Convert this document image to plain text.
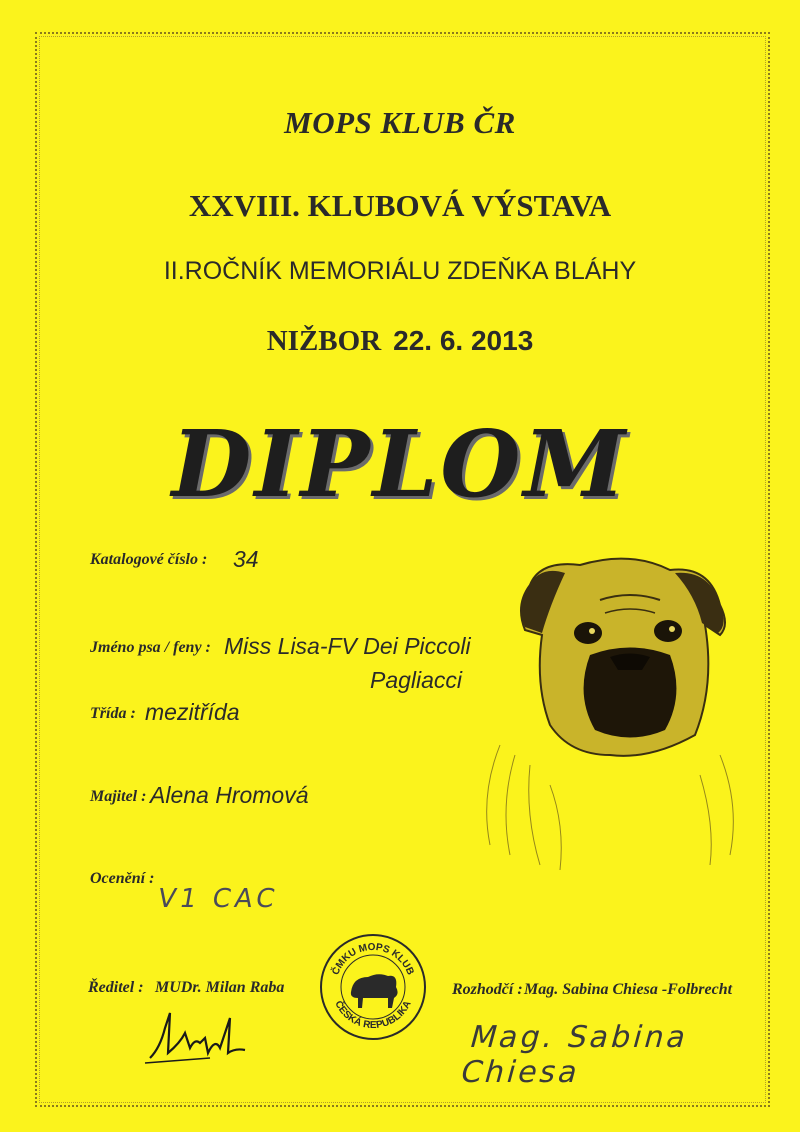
MOPS KLUB ČR
XXVIII. KLUBOVÁ VÝSTAVA
II.ROČNÍK MEMORIÁLU ZDEŇKA BLÁHY
NIŽBOR 22. 6. 2013
DIPLOM
Katalogové číslo : 34
Jméno psa / feny : Miss Lisa-FV Dei Piccoli
Pagliacci
Třída : mezitřída
Majitel : Alena Hromová
Ocenění :
V1 CAC
Ředitel : MUDr. Milan Raba	Rozhodčí : Mag. Sabina Chiesa -Folbrecht
ČMKU MOPS KLUB
ČESKÁ REPUBLIKA
Mag. Sabina Chiesa
